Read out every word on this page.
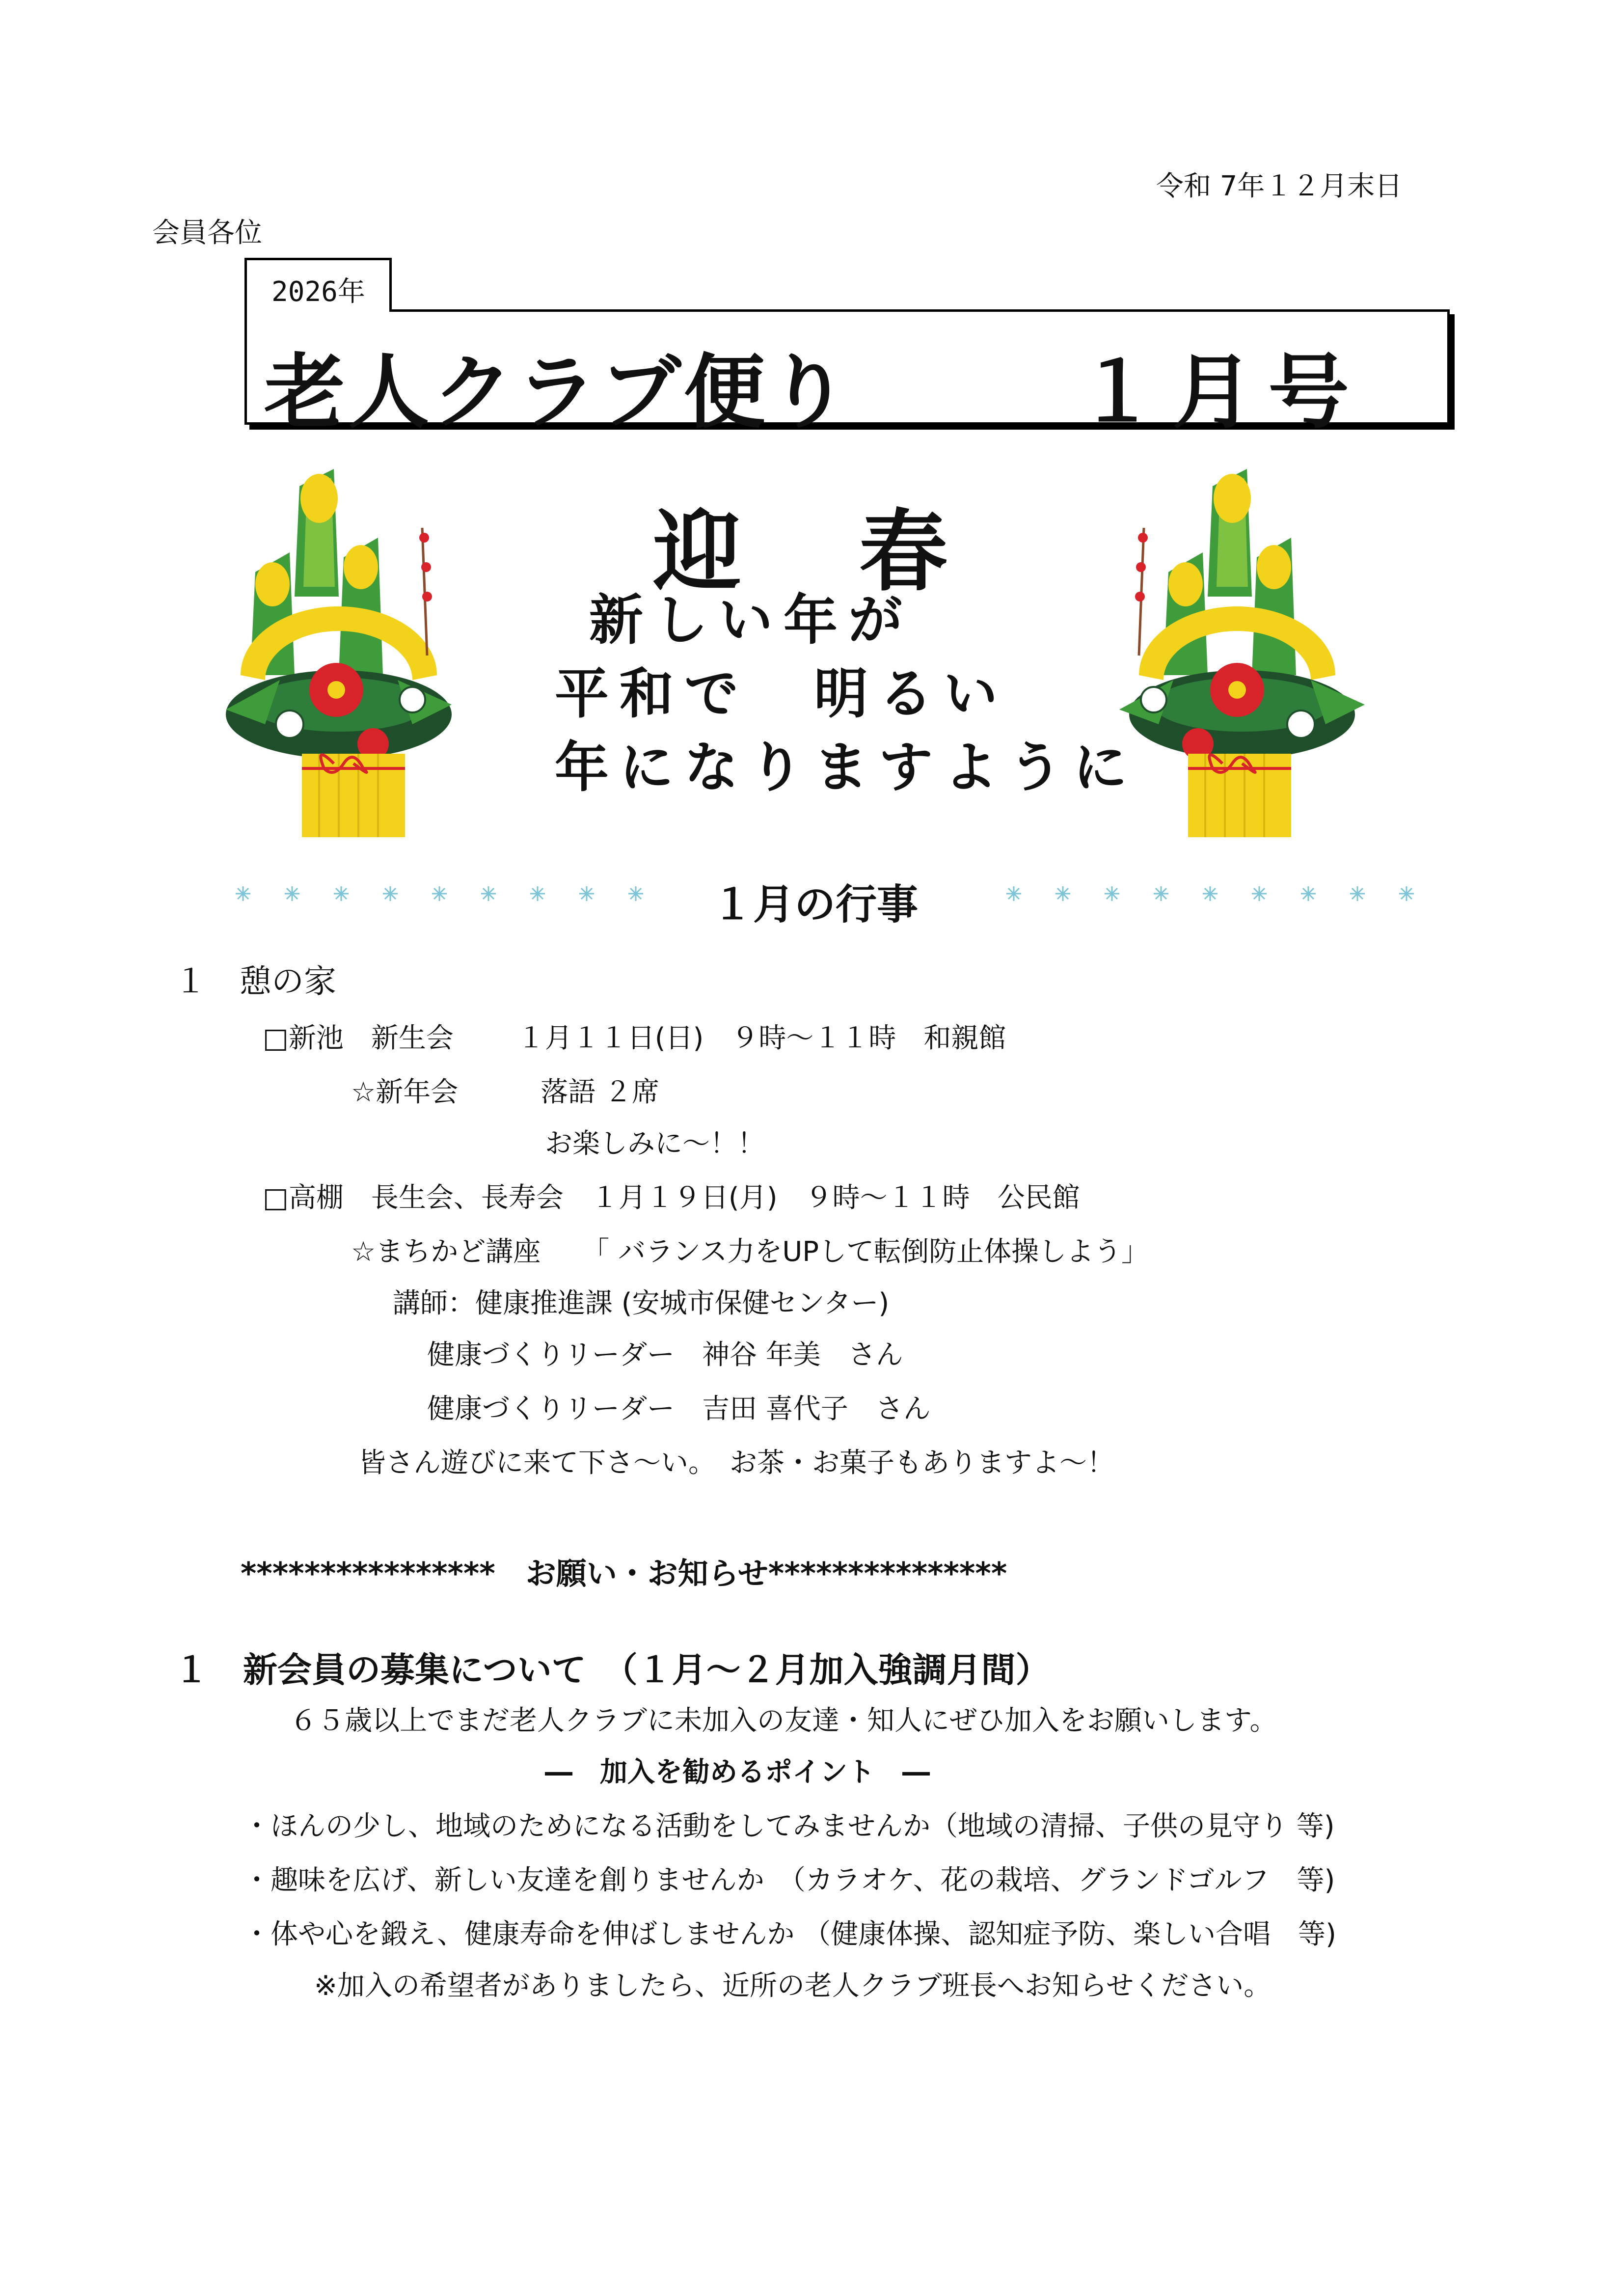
令和 7年１２月末日
会員各位
2026年
老人クラブ便り	１月号
迎春
新しい年が
平和で　明るい
年になりますように
１月の行事
１　憩の家
□新池　新生会　　 １月１１日(日)　９時～１１時　和親館
☆新年会　　　落語 ２席
お楽しみに～！！
□高棚　長生会、長寿会　１月１９日(月)　９時～１１時　公民館
☆まちかど講座　　「 バランス力をUPして転倒防止体操しよう」
講師：健康推進課 (安城市保健センター)
健康づくりリーダー　神谷 年美　さん
健康づくりリーダー　吉田 喜代子　さん
皆さん遊びに来て下さ～い。　お茶・お菓子もありますよ～！
****************　お願い・お知らせ***************
１　新会員の募集について　（１月～２月加入強調月間）
６５歳以上でまだ老人クラブに未加入の友達・知人にぜひ加入をお願いします。
―　加入を勧めるポイント　―
・ほんの少し、地域のためになる活動をしてみませんか（地域の清掃、子供の見守り 等)
・趣味を広げ、新しい友達を創りませんか　（カラオケ、花の栽培、グランドゴルフ　等)
・体や心を鍛え、健康寿命を伸ばしませんか （健康体操、認知症予防、楽しい合唱　等)
※加入の希望者がありましたら、近所の老人クラブ班長へお知らせください。
